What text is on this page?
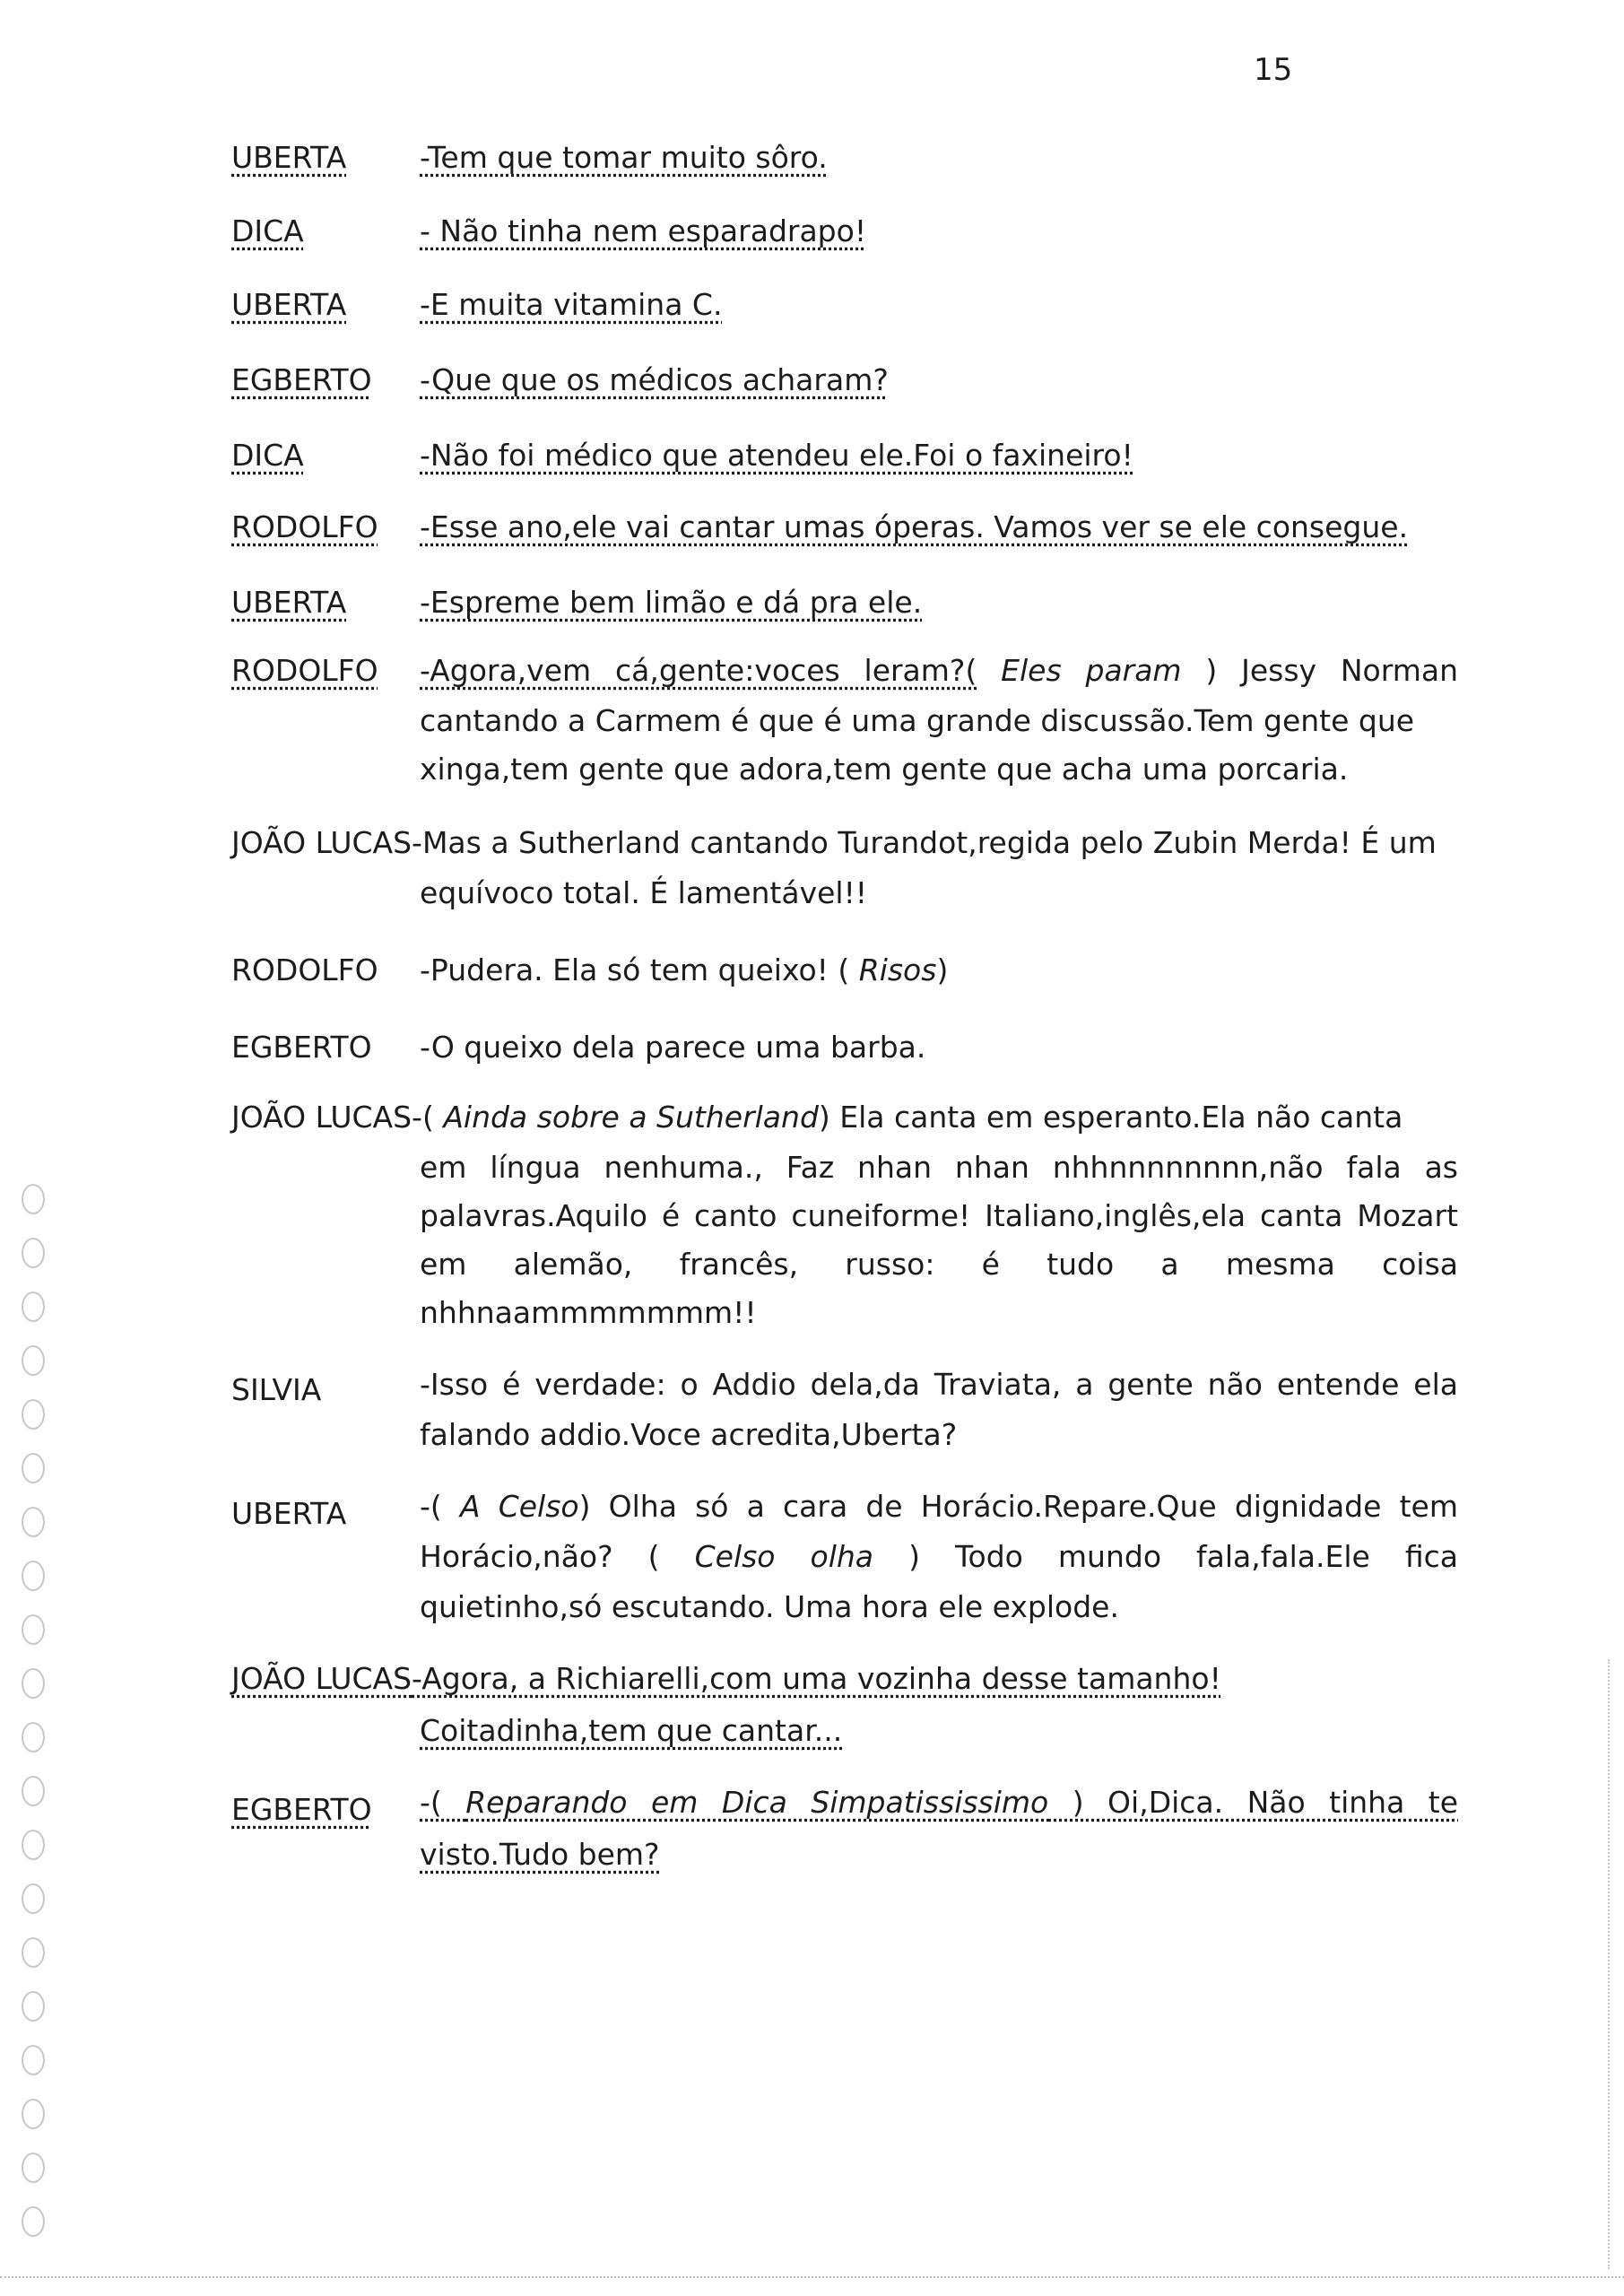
15
UBERTA -Tem que tomar muito sôro.
DICA	- Não tinha nem esparadrapo!
UBERTA -E muita vitamina C.
EGBERTO -Que que os médicos acharam?
DICA	-Não foi médico que atendeu ele.Foi o faxineiro!
RODOLFO -Esse ano,ele vai cantar umas óperas. Vamos ver se ele consegue.
UBERTA -Espreme bem limão e dá pra ele.
RODOLFO -Agora,vem cá,gente:voces leram?( Eles param ) Jessy Norman
cantando a Carmem é que é uma grande discussão.Tem gente que
xinga,tem gente que adora,tem gente que acha uma porcaria.
JOÃO LUCAS-Mas a Sutherland cantando Turandot,regida pelo Zubin Merda! É um
equívoco total. É lamentável!!
RODOLFO -Pudera. Ela só tem queixo! ( Risos)
EGBERTO -O queixo dela parece uma barba.
JOÃO LUCAS-( Ainda sobre a Sutherland) Ela canta em esperanto.Ela não canta
em língua nenhuma., Faz nhan nhan nhhnnnnnnnn,não fala as
palavras.Aquilo é canto cuneiforme! Italiano,inglês,ela canta Mozart
em alemão, francês, russo: é tudo a mesma coisa
nhhnaammmmmmm!!
SILVIA	-Isso é verdade: o Addio dela,da Traviata, a gente não entende ela
falando addio.Voce acredita,Uberta?
UBERTA -( A Celso) Olha só a cara de Horácio.Repare.Que dignidade tem
Horácio,não? ( Celso olha ) Todo mundo fala,fala.Ele fica
quietinho,só escutando. Uma hora ele explode.
JOÃO LUCAS-Agora, a Richiarelli,com uma vozinha desse tamanho!
Coitadinha,tem que cantar...
EGBERTO -( Reparando em Dica Simpatississimo ) Oi,Dica. Não tinha te
visto.Tudo bem?
